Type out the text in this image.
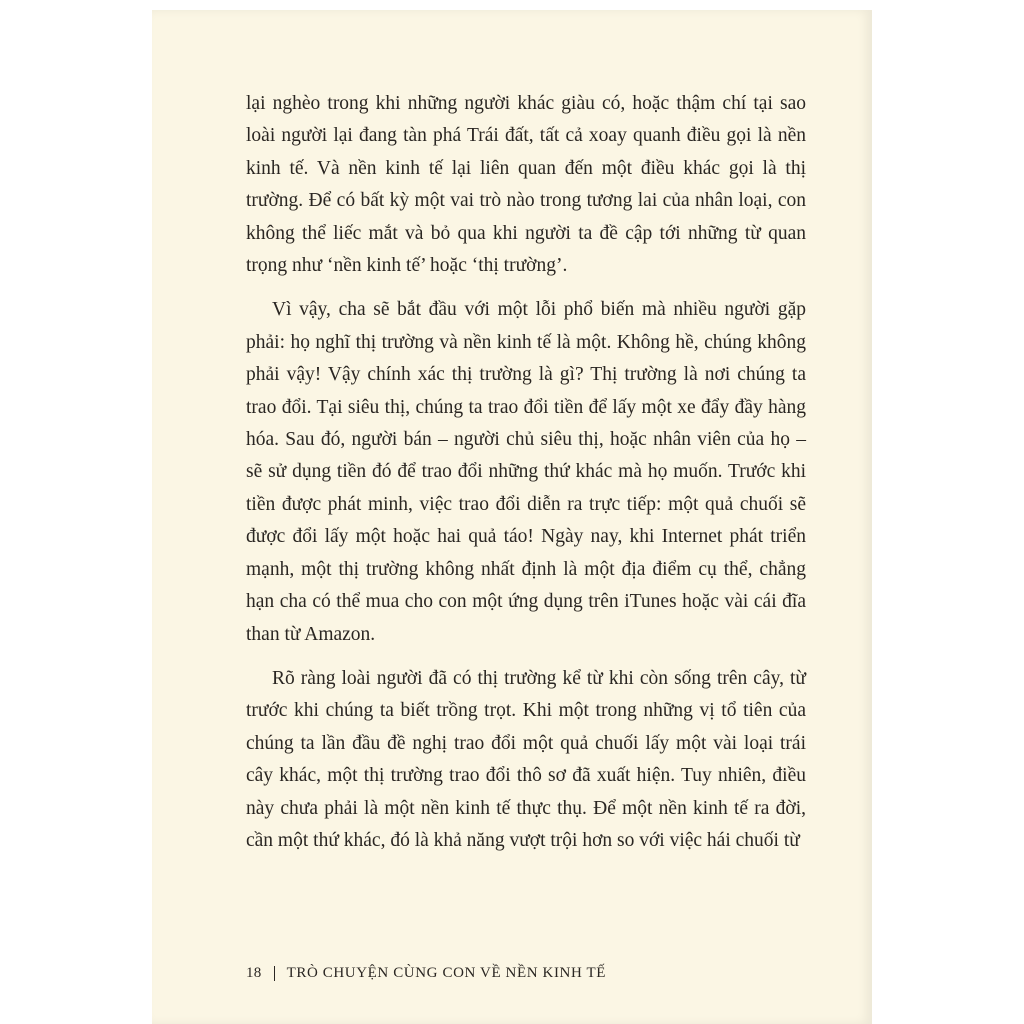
lại nghèo trong khi những người khác giàu có, hoặc thậm chí tại sao loài người lại đang tàn phá Trái đất, tất cả xoay quanh điều gọi là nền kinh tế. Và nền kinh tế lại liên quan đến một điều khác gọi là thị trường. Để có bất kỳ một vai trò nào trong tương lai của nhân loại, con không thể liếc mắt và bỏ qua khi người ta đề cập tới những từ quan trọng như ‘nền kinh tế’ hoặc ‘thị trường’.

Vì vậy, cha sẽ bắt đầu với một lỗi phổ biến mà nhiều người gặp phải: họ nghĩ thị trường và nền kinh tế là một. Không hề, chúng không phải vậy! Vậy chính xác thị trường là gì? Thị trường là nơi chúng ta trao đổi. Tại siêu thị, chúng ta trao đổi tiền để lấy một xe đẩy đầy hàng hóa. Sau đó, người bán – người chủ siêu thị, hoặc nhân viên của họ – sẽ sử dụng tiền đó để trao đổi những thứ khác mà họ muốn. Trước khi tiền được phát minh, việc trao đổi diễn ra trực tiếp: một quả chuối sẽ được đổi lấy một hoặc hai quả táo! Ngày nay, khi Internet phát triển mạnh, một thị trường không nhất định là một địa điểm cụ thể, chẳng hạn cha có thể mua cho con một ứng dụng trên iTunes hoặc vài cái đĩa than từ Amazon.

Rõ ràng loài người đã có thị trường kể từ khi còn sống trên cây, từ trước khi chúng ta biết trồng trọt. Khi một trong những vị tổ tiên của chúng ta lần đầu đề nghị trao đổi một quả chuối lấy một vài loại trái cây khác, một thị trường trao đổi thô sơ đã xuất hiện. Tuy nhiên, điều này chưa phải là một nền kinh tế thực thụ. Để một nền kinh tế ra đời, cần một thứ khác, đó là khả năng vượt trội hơn so với việc hái chuối từ

18 TRÒ CHUYỆN CÙNG CON VỀ NỀN KINH TẾ
